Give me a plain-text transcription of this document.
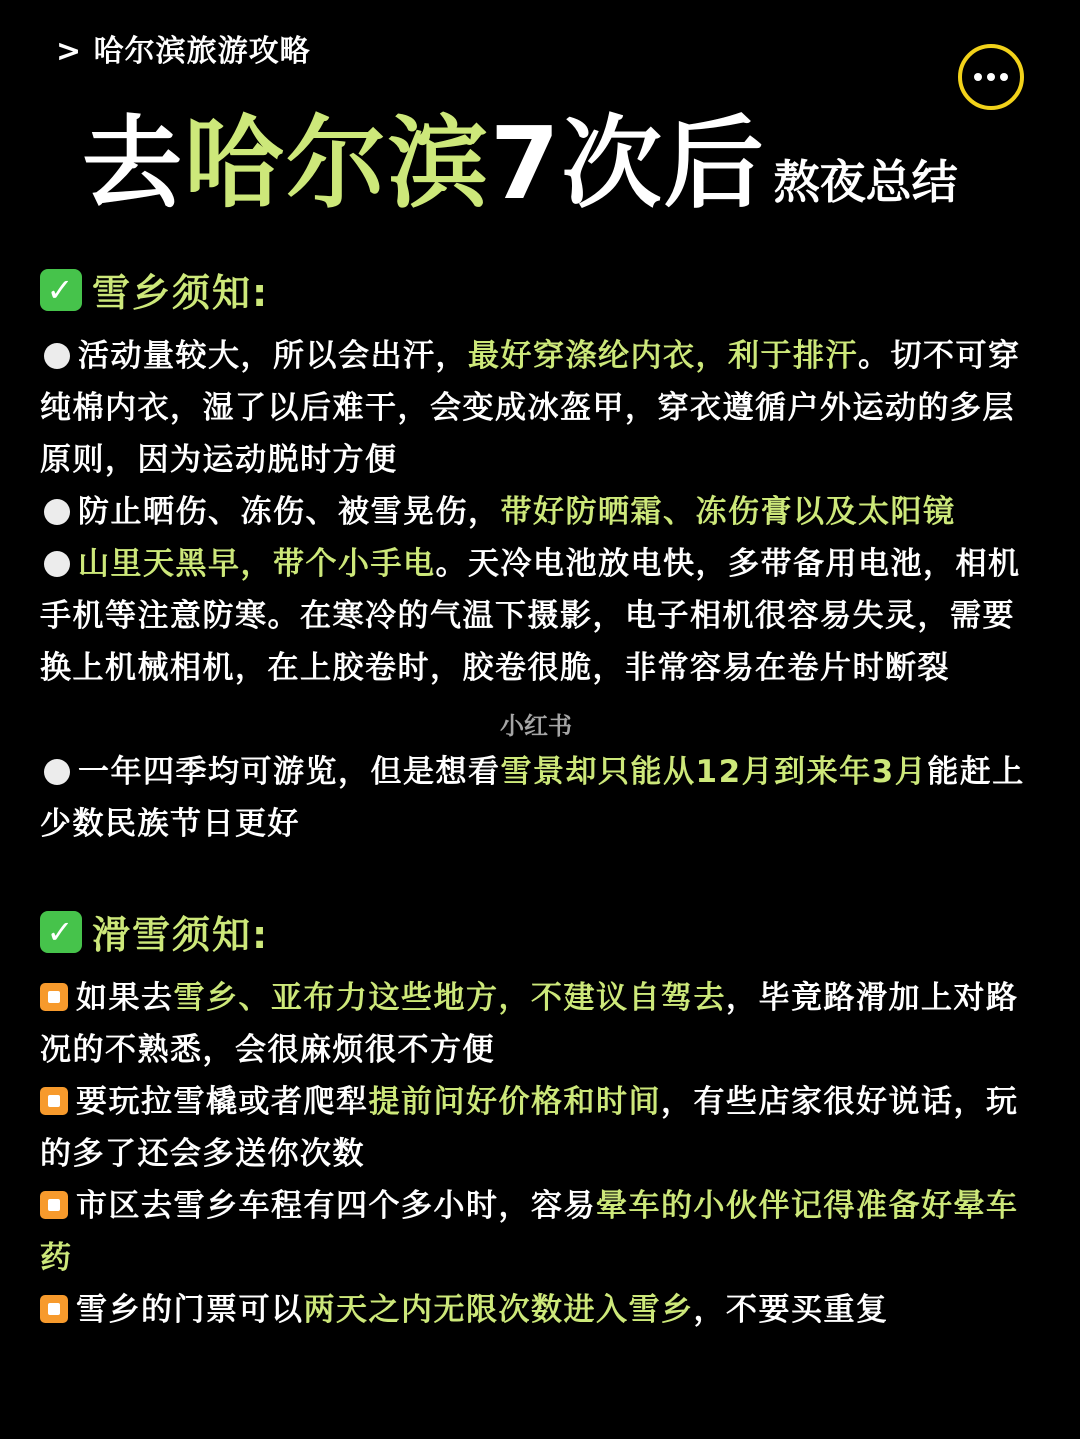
> 哈尔滨旅游攻略
去哈尔滨7次后 熬夜总结
✓ 雪乡须知:
活动量较大，所以会出汗，最好穿涤纶内衣，利于排汗。切不可穿纯棉内衣，湿了以后难干，会变成冰盔甲，穿衣遵循户外运动的多层原则，因为运动脱时方便
防止晒伤、冻伤、被雪晃伤，带好防晒霜、冻伤膏以及太阳镜
山里天黑早，带个小手电。天冷电池放电快，多带备用电池，相机手机等注意防寒。在寒冷的气温下摄影，电子相机很容易失灵，需要换上机械相机，在上胶卷时，胶卷很脆，非常容易在卷片时断裂
一年四季均可游览，但是想看雪景却只能从12月到来年3月能赶上少数民族节日更好
小红书
✓ 滑雪须知:
如果去雪乡、亚布力这些地方，不建议自驾去，毕竟路滑加上对路况的不熟悉，会很麻烦很不方便
要玩拉雪橇或者爬犁提前问好价格和时间，有些店家很好说话，玩的多了还会多送你次数
市区去雪乡车程有四个多小时，容易晕车的小伙伴记得准备好晕车药
雪乡的门票可以两天之内无限次数进入雪乡，不要买重复
